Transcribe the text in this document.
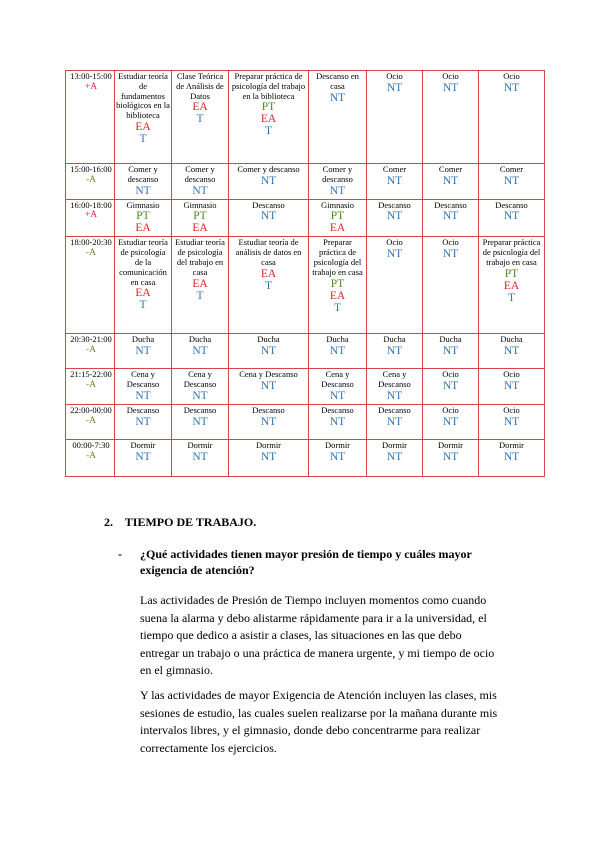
13:00-15:00
+A	Estudiar teoría de fundamentos biológicos en la biblioteca
EA
T	Clase Teórica de Análisis de Datos
EA
T	Preparar práctica de psicología del trabajo en la biblioteca
PT
EA
T	Descanso en casa
NT	Ocio
NT	Ocio
NT	Ocio
NT

15:00-16:00
-A	Comer y descanso
NT	Comer y descanso
NT	Comer y descanso
NT	Comer y descanso
NT	Comer
NT	Comer
NT	Comer
NT

16:00-18:00
+A	Gimnasio
PT
EA	Gimnasio
PT
EA	Descanso
NT	Gimnasio
PT
EA	Descanso
NT	Descanso
NT	Descanso
NT

18:00-20:30
-A	Estudiar teoría de psicología de la comunicación en casa
EA
T	Estudiar teoría de psicología del trabajo en casa
EA
T	Estudiar teoría de análisis de datos en casa
EA
T	Preparar práctica de psicología del trabajo en casa
PT
EA
T	Ocio
NT	Ocio
NT	Preparar práctica de psicología del trabajo en casa
PT
EA
T

20:30-21:00
-A	Ducha
NT	Ducha
NT	Ducha
NT	Ducha
NT	Ducha
NT	Ducha
NT	Ducha
NT

21:15-22:00
-A	Cena y Descanso
NT	Cena y Descanso
NT	Cena y Descanso
NT	Cena y Descanso
NT	Cena y Descanso
NT	Ocio
NT	Ocio
NT

22:00-00:00
-A	Descanso
NT	Descanso
NT	Descanso
NT	Descanso
NT	Descanso
NT	Ocio
NT	Ocio
NT

00:00-7:30
-A	Dormir
NT	Dormir
NT	Dormir
NT	Dormir
NT	Dormir
NT	Dormir
NT	Dormir
NT
2. TIEMPO DE TRABAJO.
- ¿Qué actividades tienen mayor presión de tiempo y cuáles mayor exigencia de atención?

Las actividades de Presión de Tiempo incluyen momentos como cuando suena la alarma y debo alistarme rápidamente para ir a la universidad, el tiempo que dedico a asistir a clases, las situaciones en las que debo entregar un trabajo o una práctica de manera urgente, y mi tiempo de ocio en el gimnasio.

Y las actividades de mayor Exigencia de Atención incluyen las clases, mis sesiones de estudio, las cuales suelen realizarse por la mañana durante mis intervalos libres, y el gimnasio, donde debo concentrarme para realizar correctamente los ejercicios.
